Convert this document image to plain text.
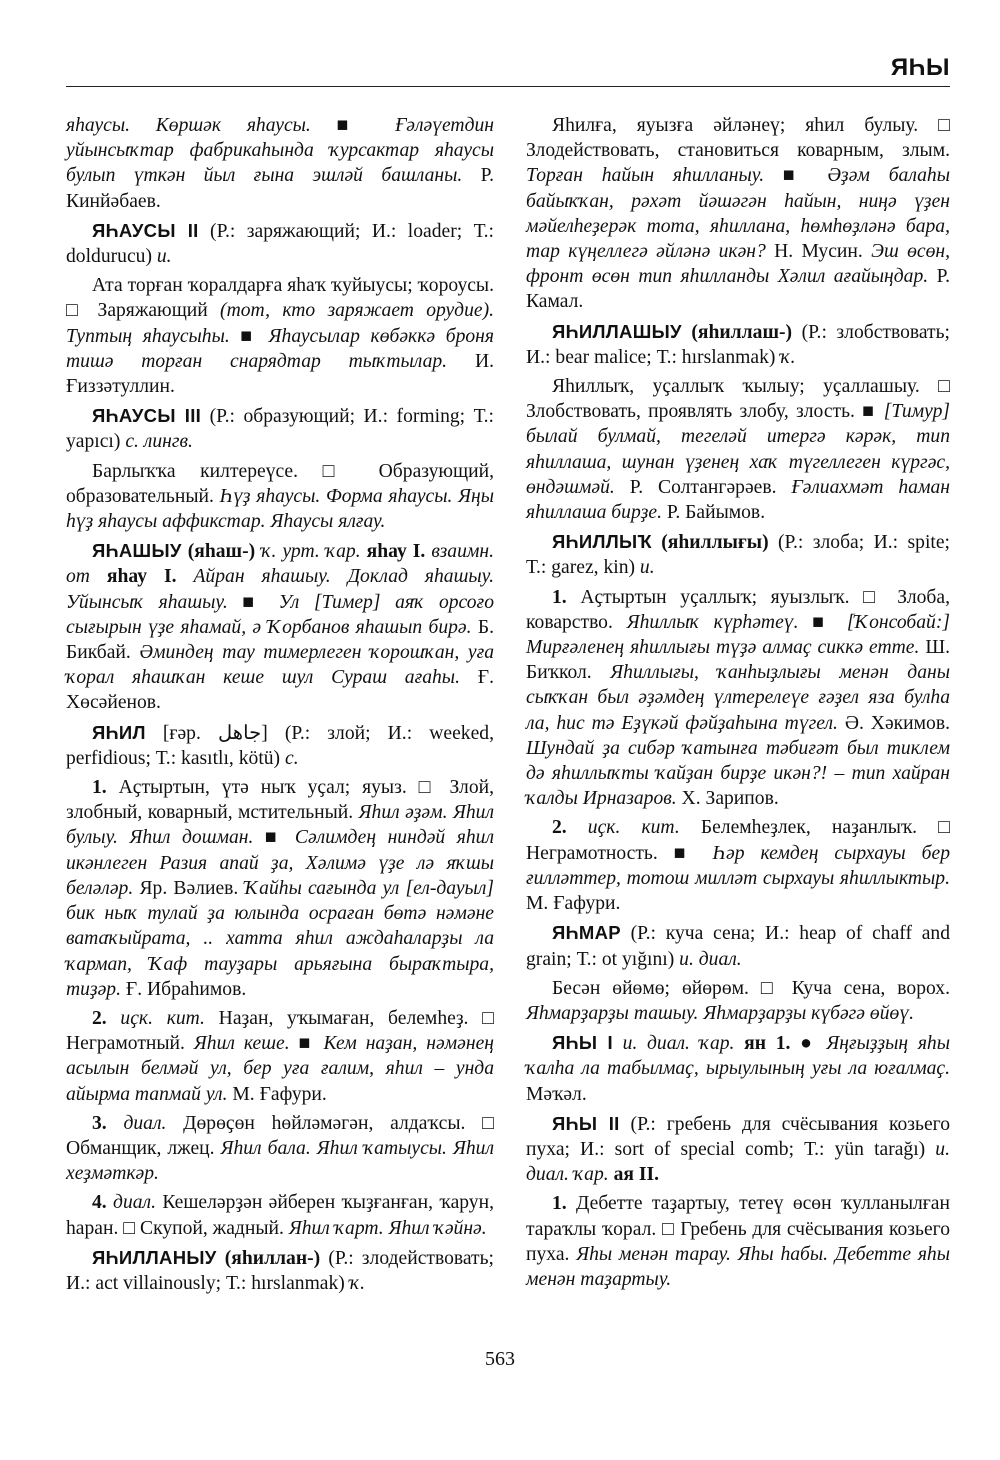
ЯҺЫ

яһаусы. Көршәк яһаусы. ■ Ғәләүетдин уйынсыҡтар фабрикаһында ҡурсактар яһаусы булып үткән йыл ғына эшләй башланы. Р. Кинйәбаев.

ЯҺАУСЫ II (Р.: заряжающий; И.: loader; Т.: doldurucu) и.

Ата торған ҡоралдарға яһаҡ ҡуйыусы; ҡороусы. □ Заряжающий (тот, кто заряжает орудие). Туптың яһаусыһы. ■ Яһаусылар көбәккә броня тишә торған снарядтар тыҡтылар. И. Ғиззәтуллин.

ЯҺАУСЫ III (Р.: образующий; И.: forming; Т.: yapıcı) с. лингв.

Барлыҡҡа килтереүсе. □ Образующий, образовательный. Һүҙ яһаусы. Форма яһаусы. Яңы һүҙ яһаусы аффикстар. Яһаусы ялғау.

ЯҺАШЫУ (яһаш-) ҡ. урт. ҡар. яһау I. взаимн. от яһау I. Айран яһашыу. Доклад яһашыу. Уйынсыҡ яһашыу. ■ Ул [Тимер] аяҡ орсоғо сығырын үҙе яһамай, ә Ҡорбанов яһашып бирә. Б. Бикбай. Әминдең тау тимерлеген ҡорошҡан, уға ҡорал яһашҡан кеше шул Сураш ағаһы. Ғ. Хөсәйенов.

ЯҺИЛ [ғәр. جاهل] (Р.: злой; И.: weeked, perfidious; Т.: kasıtlı, kötü) с.

1. Аҫтыртын, үтә ныҡ уҫал; яуыз. □ Злой, злобный, коварный, мстительный. Яһил әҙәм. Яһил булыу. Яһил дошман. ■ Сәлимдең ниндәй яһил икәнлеген Разия апай ҙа, Хәлимә үҙе лә яҡшы беләләр. Яр. Вәлиев. Ҡайһы сағында ул [ел-дауыл] бик ныҡ тулай ҙа юлында осраған бөтә нәмәне ватаҡыйрата, .. хатта яһил аждаһаларҙы ла ҡармап, Ҡаф тауҙары арьяғына быраҡтыра, тиҙәр. Ғ. Ибраһимов.

2. иҫк. кит. Наҙан, уҡымаған, белемһеҙ. □ Неграмотный. Яһил кеше. ■ Кем наҙан, нәмәнең асылын белмәй ул, бер уға ғалим, яһил – унда айырма тапмай ул. М. Ғафури.

3. диал. Дөрөҫөн һөйләмәгән, алдаҡсы. □ Обманщик, лжец. Яһил бала. Яһил ҡатыусы. Яһил хеҙмәткәр.

4. диал. Кешеләрҙән әйберен ҡыҙғанған, ҡарун, һаран. □ Скупой, жадный. Яһил ҡарт. Яһил ҡәйнә.

ЯҺИЛЛАНЫУ (яһиллан-) (Р.: злодействовать; И.: act villainously; Т.: hırslanmak) ҡ.

Яһилға, яуызға әйләнеү; яһил булыу. □ Злодействовать, становиться коварным, злым. Торған һайын яһилланыу. ■ Әҙәм балаһы байыҡҡан, рәхәт йәшәгән һайын, ниңә үҙен мәйелһеҙерәк тота, яһиллана, һөмһөҙләнә бара, тар күңеллегә әйләнә икән? Н. Мусин. Эш өсөн, фронт өсөн тип яһилланды Хәлил ағайыңдар. Р. Камал.

ЯҺИЛЛАШЫУ (яһиллаш-) (Р.: злобствовать; И.: bear malice; Т.: hırslanmak) ҡ.

Яһиллыҡ, уҫаллыҡ ҡылыу; уҫаллашыу. □ Злобствовать, проявлять злобу, злость. ■ [Тимур] былай булмай, тегеләй итергә кәрәк, тип яһиллаша, шунан үҙенең хаҡ түгеллеген күргәс, өндәшмәй. Р. Солтангәрәев. Ғәлиахмәт һаман яһиллаша бирҙе. Р. Байымов.

ЯҺИЛЛЫҠ (яһиллығы) (Р.: злоба; И.: spite; Т.: garez, kin) и.

1. Аҫтыртын уҫаллыҡ; яуызлыҡ. □ Злоба, коварство. Яһиллыҡ күрһәтеү. ■ [Ҡонсобай:] Мирғәленең яһиллығы түҙә алмаҫ сиккә етте. Ш. Биҡкол. Яһиллығы, ҡанһыҙлығы менән даны сыҡҡан был әҙәмдең үлтерелеүе ғәҙел яза булһа ла, һис тә Еҙүкәй фәйҙаһына түгел. Ә. Хәкимов. Шундай ҙа сибәр ҡатынға тәбиғәт был тиклем дә яһиллыҡты ҡайҙан бирҙе икән?! – тип хайран ҡалды Ирназаров. Х. Зарипов.

2. иҫк. кит. Белемһеҙлек, наҙанлыҡ. □ Неграмотность. ■ Һәр кемдең сырхауы бер ғилләттер, тотош милләт сырхауы яһиллыктыр. М. Ғафури.

ЯҺМАР (Р.: куча сена; И.: heap of chaff and grain; Т.: ot yığını) и. диал.

Бесән өйөмө; өйөрөм. □ Куча сена, ворох. Яһмарҙарҙы ташыу. Яһмарҙарҙы күбәгә өйөү.

ЯҺЫ I и. диал. ҡар. ян 1. ● Яңғыҙҙың яһы ҡалһа ла табылмаҫ, ырыулының уғы ла юғалмаҫ. Мәҡәл.

ЯҺЫ II (Р.: гребень для счёсывания козьего пуха; И.: sort of special comb; Т.: yün tarağı) и. диал. ҡар. ая II.

1. Дебетте таҙартыу, тетеү өсөн ҡулланылған тараҡлы ҡорал. □ Гребень для счёсывания козьего пуха. Яһы менән тарау. Яһы һабы. Дебетте яһы менән таҙартыу.

563
